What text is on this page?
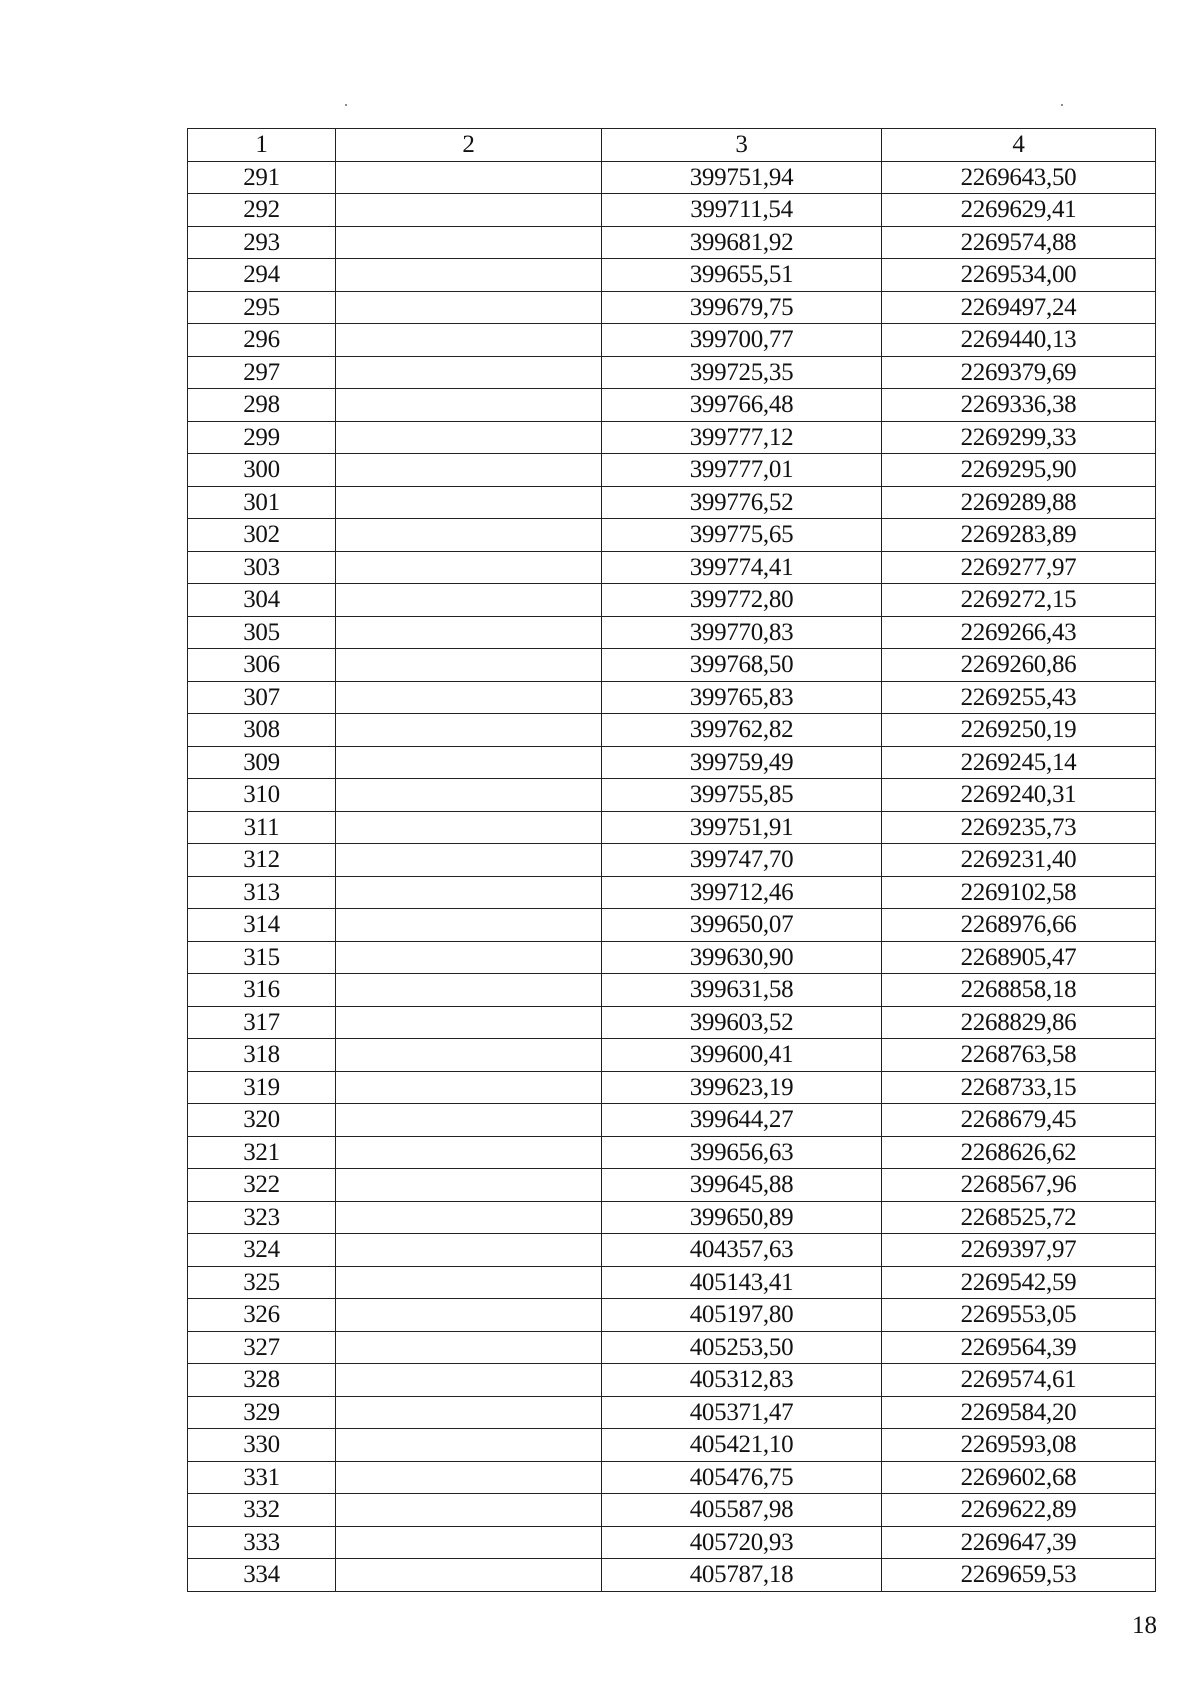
1	2	3	4
291		399751,94	2269643,50
292		399711,54	2269629,41
293		399681,92	2269574,88
294		399655,51	2269534,00
295		399679,75	2269497,24
296		399700,77	2269440,13
297		399725,35	2269379,69
298		399766,48	2269336,38
299		399777,12	2269299,33
300		399777,01	2269295,90
301		399776,52	2269289,88
302		399775,65	2269283,89
303		399774,41	2269277,97
304		399772,80	2269272,15
305		399770,83	2269266,43
306		399768,50	2269260,86
307		399765,83	2269255,43
308		399762,82	2269250,19
309		399759,49	2269245,14
310		399755,85	2269240,31
311		399751,91	2269235,73
312		399747,70	2269231,40
313		399712,46	2269102,58
314		399650,07	2268976,66
315		399630,90	2268905,47
316		399631,58	2268858,18
317		399603,52	2268829,86
318		399600,41	2268763,58
319		399623,19	2268733,15
320		399644,27	2268679,45
321		399656,63	2268626,62
322		399645,88	2268567,96
323		399650,89	2268525,72
324		404357,63	2269397,97
325		405143,41	2269542,59
326		405197,80	2269553,05
327		405253,50	2269564,39
328		405312,83	2269574,61
329		405371,47	2269584,20
330		405421,10	2269593,08
331		405476,75	2269602,68
332		405587,98	2269622,89
333		405720,93	2269647,39
334		405787,18	2269659,53
18
